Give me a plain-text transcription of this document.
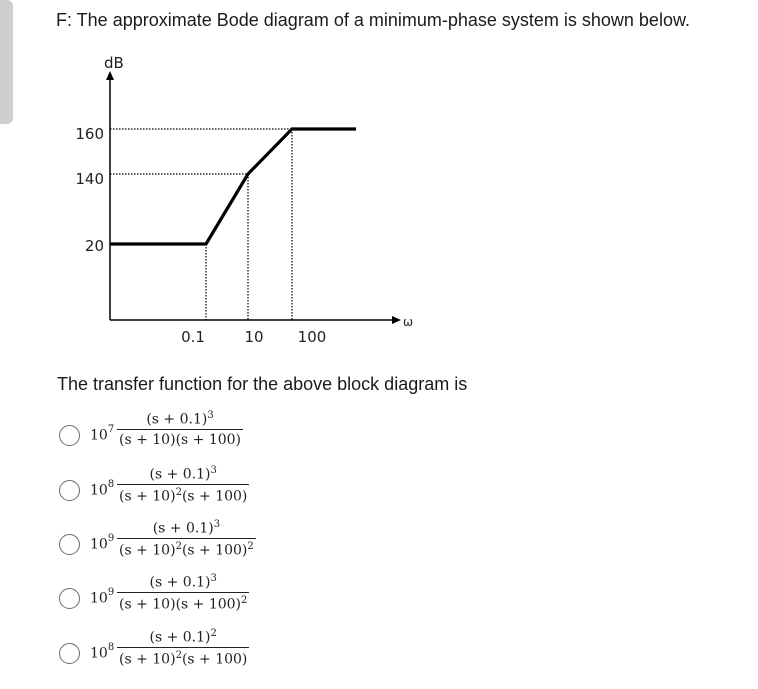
F: The approximate Bode diagram of a minimum-phase system is shown below.
dB
ω
160
140
20
0.1	10 100
The transfer function for the above block diagram is
$10^7 \frac{(s + 0.1)^3}{(s + 10)(s + 100)}$
$10^8 \frac{(s + 0.1)^3}{(s + 10)^2(s + 100)}$
$10^9 \frac{(s + 0.1)^3}{(s + 10)^2(s + 100)^2}$
$10^9 \frac{(s + 0.1)^3}{(s + 10)(s + 100)^2}$
$10^8 \frac{(s + 0.1)^2}{(s + 10)^2(s + 100)}$
